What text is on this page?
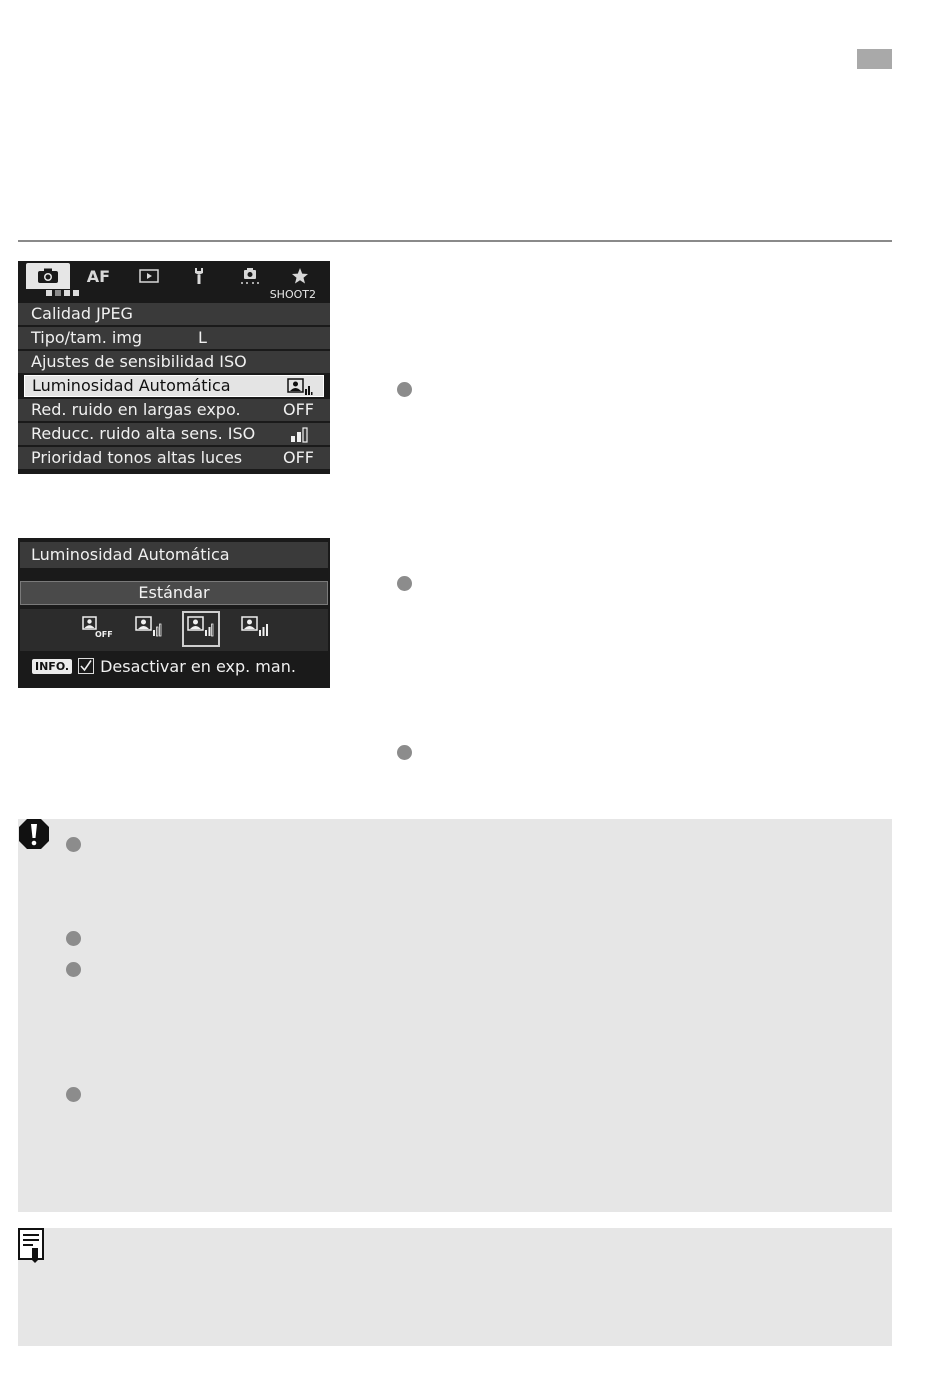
AF
SHOOT2
Calidad JPEG
Tipo/tam. img	L
Ajustes de sensibilidad ISO
Luminosidad Automática
Red. ruido en largas expo.	OFF
Reducc. ruido alta sens. ISO
Prioridad tonos altas luces	OFF
Luminosidad Automática
Estándar
OFF
INFO. Desactivar en exp. man.
